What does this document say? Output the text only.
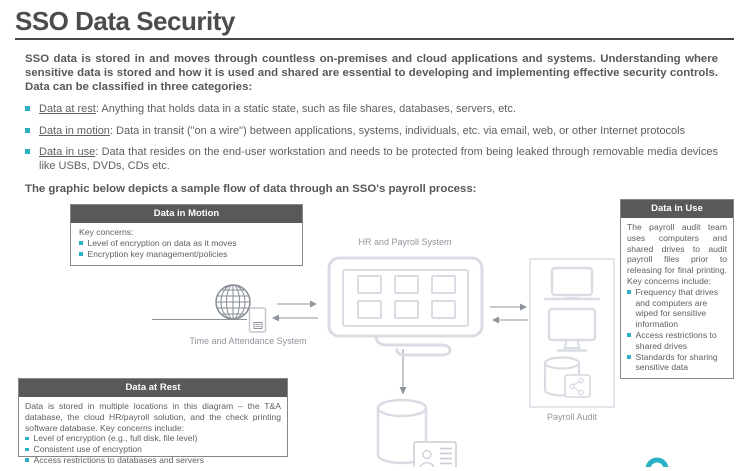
SSO Data Security

SSO data is stored in and moves through countless on-premises and cloud applications and systems. Understanding where sensitive data is stored and how it is used and shared are essential to developing and implementing effective security controls. Data can be classified in three categories:

Data at rest: Anything that holds data in a static state, such as file shares, databases, servers, etc.
Data in motion: Data in transit ("on a wire") between applications, systems, individuals, etc. via email, web, or other Internet protocols
Data in use: Data that resides on the end-user workstation and needs to be protected from being leaked through removable media devices like USBs, DVDs, CDs etc.

The graphic below depicts a sample flow of data through an SSO's payroll process:

HR and Payroll System
Time and Attendance System
Payroll Audit
Data in Motion

Key concerns:

Level of encryption on data as it moves
Encryption key management/policies
Data in Use

The payroll audit team uses computers and shared drives to audit payroll files prior to releasing for final printing. Key concerns include:

Frequency that drives and computers are wiped for sensitive information
Access restrictions to shared drives
Standards for sharing sensitive data
Data at Rest

Data is stored in multiple locations in this diagram – the T&A database, the cloud HR/payroll solution, and the check printing software database. Key concerns include:

Level of encryption (e.g., full disk, file level)
Consistent use of encryption
Access restrictions to databases and servers
